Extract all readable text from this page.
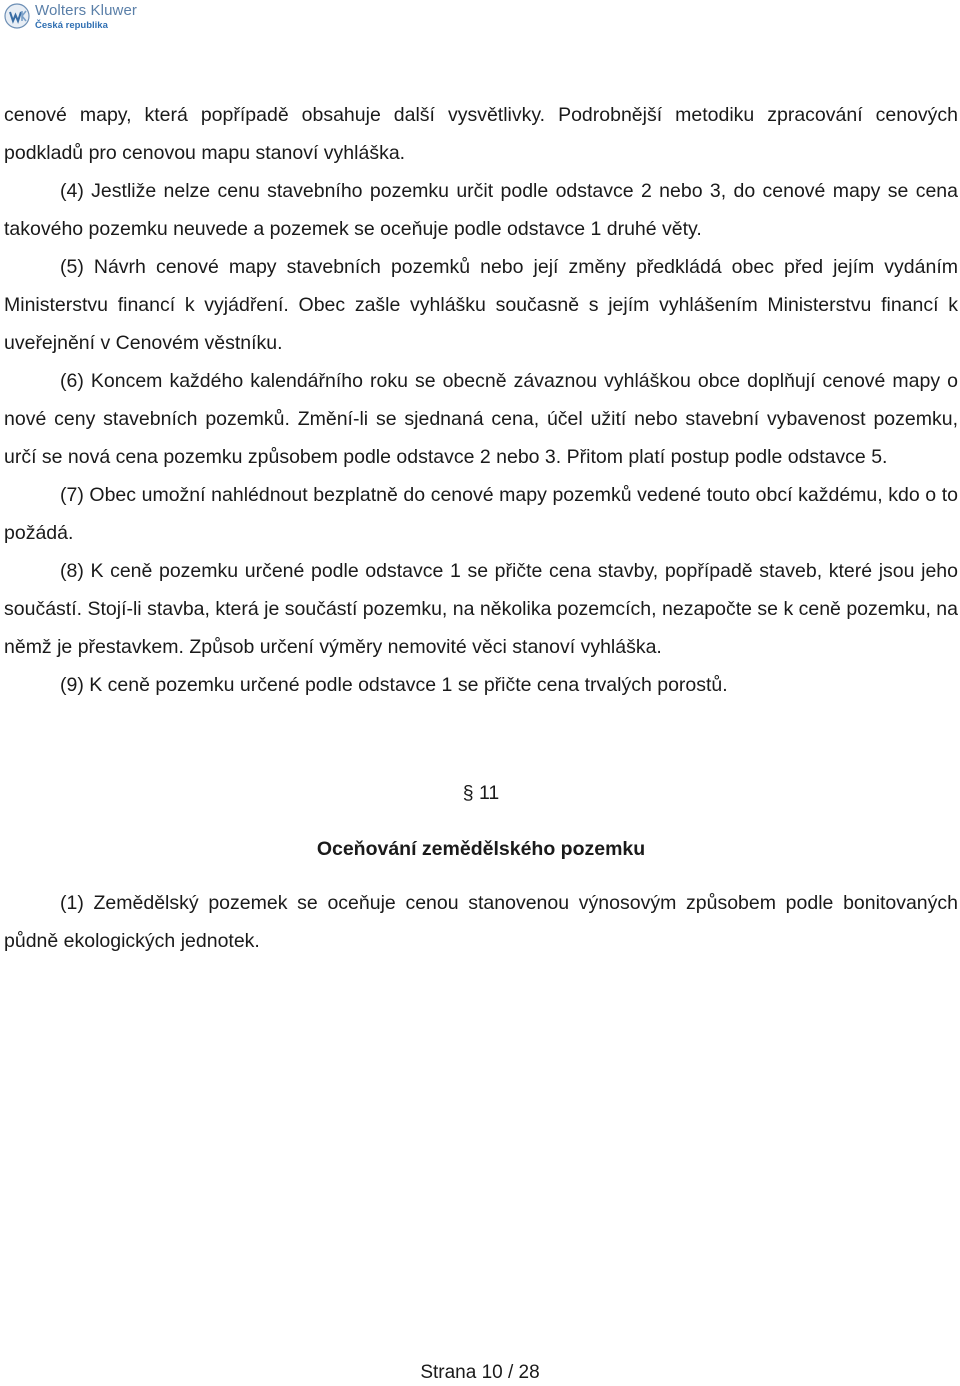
Wolters Kluwer
Česká republika

cenové mapy, která popřípadě obsahuje další vysvětlivky. Podrobnější metodiku zpracování cenových podkladů pro cenovou mapu stanoví vyhláška.

(4) Jestliže nelze cenu stavebního pozemku určit podle odstavce 2 nebo 3, do cenové mapy se cena takového pozemku neuvede a pozemek se oceňuje podle odstavce 1 druhé věty.

(5) Návrh cenové mapy stavebních pozemků nebo její změny předkládá obec před jejím vydáním Ministerstvu financí k vyjádření. Obec zašle vyhlášku současně s jejím vyhlášením Ministerstvu financí k uveřejnění v Cenovém věstníku.

(6) Koncem každého kalendářního roku se obecně závaznou vyhláškou obce doplňují cenové mapy o nové ceny stavebních pozemků. Změní-li se sjednaná cena, účel užití nebo stavební vybavenost pozemku, určí se nová cena pozemku způsobem podle odstavce 2 nebo 3. Přitom platí postup podle odstavce 5.

(7) Obec umožní nahlédnout bezplatně do cenové mapy pozemků vedené touto obcí každému, kdo o to požádá.

(8) K ceně pozemku určené podle odstavce 1 se přičte cena stavby, popřípadě staveb, které jsou jeho součástí. Stojí-li stavba, která je součástí pozemku, na několika pozemcích, nezapočte se k ceně pozemku, na němž je přestavkem. Způsob určení výměry nemovité věci stanoví vyhláška.

(9) K ceně pozemku určené podle odstavce 1 se přičte cena trvalých porostů.

§ 11
Oceňování zemědělského pozemku

(1) Zemědělský pozemek se oceňuje cenou stanovenou výnosovým způsobem podle bonitovaných půdně ekologických jednotek.

Strana 10 / 28
